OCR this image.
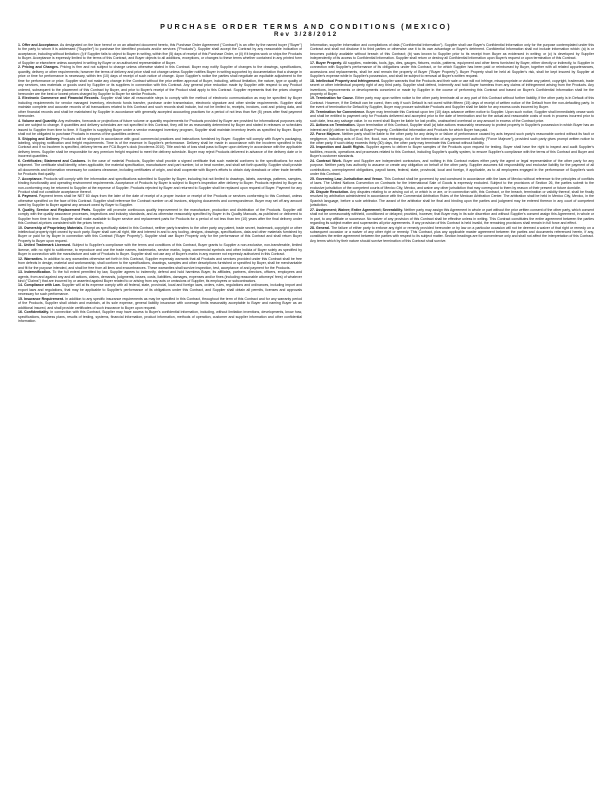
PURCHASE ORDER TERMS AND CONDITIONS (MEXICO)
Rev 3/28/2012

1. Offer and Acceptance. As designated on the face hereof or on an attached document hereto, this Purchase Order Agreement ("Contract") is an offer by the named buyer ("Buyer") to the party to whom it is addressed ("Supplier") to purchase the identified products and/or services ("Products"). Supplier shall accept the Contract by any reasonable indication of acceptance, including without limitation: (i) if Supplier fails to object to Buyer in writing, within five (5) days of receipt of this Purchase Order, or (ii) if it begins work or ships the Products to Buyer. Acceptance is expressly limited to the terms of this Contract, and Buyer objects to all additions, exceptions, or changes to these terms whether contained in any printed form of Supplier or elsewhere unless accepted in writing by Buyer or an authorized representative of Buyer.

2. Pricing and Changes. Pricing is firm and not subject to change unless otherwise stated in this Contract. Buyer may notify Supplier of changes to the drawings, specifications, quantity, delivery or other requirements; however the terms of delivery and price shall not change unless Supplier notifies Buyer in writing supported by documentation that a change in price or time for performance is necessary, within ten (10) days of receipt of such notice of change. Upon Supplier's notice the parties shall negotiate an equitable adjustment to the time for performance or price. Supplier shall not make any change in the Contract without the prior written approval of Buyer, including, without limitation, the nature, type or quality of any services, raw materials or goods used by Supplier or its suppliers in connection with this Contract. Any general price reduction made by Supplier with respect to any Product ordered, subsequent to the placement of this Contract by Buyer, and prior to Buyer's receipt of the Product shall apply to this Contract. Supplier represents that the prices charged hereunder are the best or lowest prices charged by Supplier to Buyer for similar Products.

3. Electronic Commerce and Financial Records. Supplier shall take all reasonable steps to comply with the method of electronic communication as may be specified by Buyer including requirements for vendor managed inventory, electronic funds transfer, purchase order transmission, electronic signature and other similar requirements. Supplier shall maintain complete and accurate records of all transactions related to this Contract and such records shall include, but not be limited to, receipts, invoices, cost and pricing data, and other financial records and shall be maintained by Supplier in accordance with generally accepted accounting practices for a period of not less than five (5) years after final payment hereunder.

4. Volume and Quantity. Any estimates, forecasts or projections of future volume or quantity requirements for Products provided by Buyer are provided for informational purposes only and are subject to change. If quantities and delivery schedules are not specified in this Contract, they will be as reasonably determined by Buyer and stated in releases or schedules issued to Supplier from time to time. If Supplier is supplying Buyer under a vendor managed inventory program, Supplier shall maintain inventory levels as specified by Buyer. Buyer shall not be obligated to purchase Products in excess of the quantities ordered.

5. Shipping and Delivery. Products will be shipped in accordance with good commercial practices and instructions furnished by Buyer. Supplier will comply with Buyer's packaging, labeling, shipping notification and freight requirements. Time is of the essence in Supplier's performance. Delivery shall be made in accordance with the Incoterm specified in this Contract and if no Incoterm is specified, delivery terms are FCA Buyer's dock (Incoterms 2010). Title and risk of loss shall pass to Buyer upon delivery in accordance with the applicable delivery terms. Supplier shall be responsible for any premium freight required to meet the delivery schedule. Buyer may reject Products delivered in advance of the delivery date or in incorrect quantities.

6. Certificates; Statement and Customs. In the case of material Products, Supplier shall provide a signed certificate that such material conforms to the specifications for each shipment. The certificate shall identify, when applicable, the material specification, manufacturer and part number, lot or heat number, and shall set forth quantity. Supplier shall provide all documents and information necessary for customs clearance, including certificates of origin, and shall cooperate with Buyer's efforts to obtain duty drawback or other trade benefits for Products that qualify.

7. Acceptance. Products will comply with the information and specifications submitted to Supplier by Buyer, including but not limited to drawings, labels, warnings, patterns, samples, binding functionality and operating environment requirements. Acceptance of Products by Buyer is subject to Buyer's inspection after delivery to Buyer. Products rejected by Buyer as non-conforming may be returned to Supplier at the expense of Supplier. Products rejected by Buyer and returned to Supplier shall be replaced upon request of Buyer. Payment for any Product shall not constitute acceptance thereof.

8. Payment. Payment terms shall be NET 60 days from the later of the date of receipt of a proper invoice or receipt of the Products or services conforming to this Contract, unless otherwise specified on the face of this Contract. Supplier shall reference the Contract number on all invoices, shipping documents and correspondence. Buyer may set off any amount owed by Supplier to Buyer against any amount owed by Buyer to Supplier.

9. Quality, Service and Replacement Parts. Supplier will promote continuous quality improvement in the manufacture, production and distribution of the Products. Supplier will comply with the quality assurance processes, inspections and industry standards, and as otherwise reasonably specified by Buyer in its Quality Manuals, as published or delivered to Supplier from time to time. Supplier shall make available to Buyer service and replacement parts for Products for a period of not less than ten (10) years after the final delivery under this Contract at prices consistent with the prices herein.

10. Ownership of Proprietary Materials. Except as specifically stated in this Contract, neither party transfers to the other party any patent, trade secret, trademark, copyright or other intellectual property right owned by such party. Buyer shall own all right, title and interest in and to any tooling, designs, drawings, specifications, data and other materials furnished by Buyer or paid for by Buyer in connection with this Contract ("Buyer Property"). Supplier shall use Buyer Property only for the performance of this Contract and shall return Buyer Property to Buyer upon request.

11. United Trademark Licensed. Subject to Supplier's compliance with the terms and conditions of this Contract, Buyer grants to Supplier a non-exclusive, non-transferable, limited license, with no right to sublicense, to reproduce and use the trade names, trademarks, service marks, logos, commercial symbols and other indicia of Buyer solely as specified by Buyer in connection with the manufacture and sale of Products to Buyer. Supplier shall not use any of Buyer's marks in any manner not expressly authorized in this Contract.

12. Warranties. In addition to any warranties otherwise set forth in this Contract, Supplier expressly warrants that all Products and services provided under this Contract shall be free from defects in design, material and workmanship, shall conform to the specifications, drawings, samples and other descriptions furnished or specified by Buyer, shall be merchantable and fit for the purpose intended, and shall be free from all liens and encumbrances. These warranties shall survive inspection, test, acceptance of and payment for the Products.

13. Indemnification. To the full extent permitted by law, Supplier agrees to indemnify, defend and hold harmless Buyer, its affiliates, partners, directors, officers, employees and agents, from and against any and all actions, claims, demands, judgments, losses, costs, liabilities, damages, expenses and/or fines (including reasonable attorneys' fees) of whatever kind ("Claims") that are incurred by or asserted against Buyer related to or arising from any acts or omissions of Supplier, its employees or subcontractors.

14. Compliance with Law. Supplier will at its expense comply with all federal, state, provincial, local and foreign laws, orders, rules, regulations and ordinances, including import and export laws and regulations, that may be applicable to Supplier's performance of its obligations under this Contract, and Supplier shall obtain all permits, licenses and approvals necessary for such performance.

15. Insurance Requirement. In addition to any specific insurance requirements as may be specified in this Contract, throughout the term of this Contract and for any warranty period of the Products, Supplier shall obtain and maintain, at its sole expense, general liability insurance with coverage limits reasonably acceptable to Buyer and naming Buyer as an additional insured, and shall provide certificates of such insurance to Buyer upon request.

16. Confidentiality. In connection with this Contract, Supplier may have access to Buyer's confidential information, including, without limitation inventions, developments, know how, specifications, business plans, results of testing, systems, financial information, product information, methods of operation, customer and supplier information and other confidential information.

Information, supplier information and compilations of data ("Confidential Information"). Supplier shall use Buyer's Confidential Information only for the purpose contemplated under this Contract and shall not disclose it to third parties or otherwise use it to its own advantage or Buyer's detriment. Confidential Information shall not include information which: (a) is or becomes publicly available without breach of this Contract; (b) was known to Supplier prior to its receipt from Buyer as evidenced in writing; or (c) is developed by Supplier independently of its access to Confidential Information. Supplier shall return or destroy all Confidential Information upon Buyer's request or upon termination of this Contract.

17. Buyer Property. All supplies, materials, tools, jigs, dies, gauges, fixtures, molds, patterns, equipment and other items furnished by Buyer, either directly or indirectly, to Supplier in connection with Supplier's performance of its obligations under this Contract, or for which Supplier has been paid or reimbursed by Buyer, together with all related appurtenances, accessions and replacements, shall be and remain the property of Buyer ("Buyer Property"). Buyer Property shall be held at Supplier's risk, shall be kept insured by Supplier at Supplier's expense while in Supplier's possession, and shall be subject to removal at Buyer's written request.

18. Intellectual Property and Infringement. Supplier warrants that the Products and their sale or use will not infringe, misappropriate or violate any patent, copyright, trademark, trade secret or other intellectual property right of any third party. Supplier shall defend, indemnify and hold Buyer harmless from any claims of infringement arising from the Products. Any inventions, improvements or developments conceived or made by Supplier in the course of performing this Contract and based on Buyer's Confidential Information shall be the property of Buyer.

19. Termination for Cause. Either party may upon written notice to the other party terminate all or any part of this Contract without further liability, if the other party is in Default of this Contract. However, if the Default can be cured, then only if such Default is not cured within fifteen (15) days of receipt of written notice of the Default from the non-defaulting party. In the event of termination for Default by Supplier, Buyer may procure substitute Products and Supplier shall be liable for any excess costs incurred by Buyer.

20. Termination for Convenience. Buyer may terminate this Contract upon ten (10) days advance written notice to Supplier. Upon such notice, Supplier shall immediately cease work and shall be entitled to payment only for Products delivered and accepted prior to the date of termination and for the actual and reasonable costs of work in process incurred prior to such date, less any salvage value. In no event shall Buyer be liable for lost profits, unabsorbed overhead or any amount in excess of the Contract price.

21. Actions on Termination. Upon termination of this Contract, Supplier shall (a) take actions reasonably necessary to protect property in Supplier's possession in which Buyer has an interest and (b) deliver to Buyer all Buyer Property, Confidential Information and Products for which Buyer has paid.

22. Force Majeure. Neither party shall be liable to the other party for any delay in or failure of performance caused by acts beyond such party's reasonable control without its fault or negligence, including acts of God, fire, flood, war, embargo, riot or the intervention of any government authority ("Force Majeure"), provided such party gives prompt written notice to the other party. If such delay exceeds thirty (30) days, the other party may terminate this Contract without liability.

23. Inspection and Audit Rights. Supplier agrees to deliver to Buyer samples of the Products upon request for testing. Buyer shall have the right to inspect and audit Supplier's facilities, records, operations and processes related to this Contract, including Supplier's quality system, to ensure Supplier's compliance with the terms of this Contract and Buyer and Buyer's customer standards.

24. Contract Work. Buyer and Supplier are independent contractors, and nothing in this Contract makes either party the agent or legal representative of the other party for any purpose. Neither party has authority to assume or create any obligation on behalf of the other party. Supplier assumes full responsibility and exclusive liability for the payment of all contributions, unemployment obligations, payroll taxes, federal, state, provincial, local and foreign, if applicable, as to all employees engaged in the performance of Supplier's work under this Contract.

25. Governing Law; Jurisdiction and Venue. This Contract shall be governed by and construed in accordance with the laws of Mexico without reference to the principles of conflicts of laws. The United Nations Convention on Contracts for the International Sale of Goods is expressly excluded. Subject to the provisions of Section 26, the parties submit to the exclusive jurisdiction of the competent courts of Mexico City, Mexico, and waive any other jurisdiction that may correspond to them by reason of their present or future domicile.

26. Dispute Resolution. Any disputes relating to or arising out of, or which is or are, or in connection with, this Contract, or the breach, termination or validity thereof, shall be finally resolved by arbitration administered in accordance with the Commercial Arbitration Rules of the Mexican Arbitration Center. The arbitration shall be held in Mexico City, Mexico, in the Spanish language, before a sole arbitrator. The award of the arbitrator shall be final and binding upon the parties and judgment may be entered thereon in any court of competent jurisdiction.

27. Assignment; Waiver; Entire Agreement; Severability. Neither party may assign this Agreement in whole or part without the prior written consent of the other party, which consent shall not be unreasonably withheld, conditioned or delayed; provided, however, that Buyer may in its sole discretion and without Supplier's consent assign this Agreement, in whole or in part, to any affiliate or successor. No waiver of any provision of this Contract shall be effective unless in writing. This Contract constitutes the entire agreement between the parties regarding its subject matter and supersedes all prior agreements. If any provision of this Contract is held invalid, the remaining provisions shall remain in full force and effect.

28. General. The failure of either party to enforce any right or remedy provided hereunder or by law on a particular occasion will not be deemed a waiver of that right or remedy on a subsequent occasion or a waiver of any other right or remedy. This Contract, plus any applicable master agreement between the parties and documents referenced herein, if any, constitutes the entire agreement between the parties with respect to its subject matter. Section headings are for convenience only and shall not affect the interpretation of this Contract. Any terms which by their nature should survive termination of this Contract shall survive.
